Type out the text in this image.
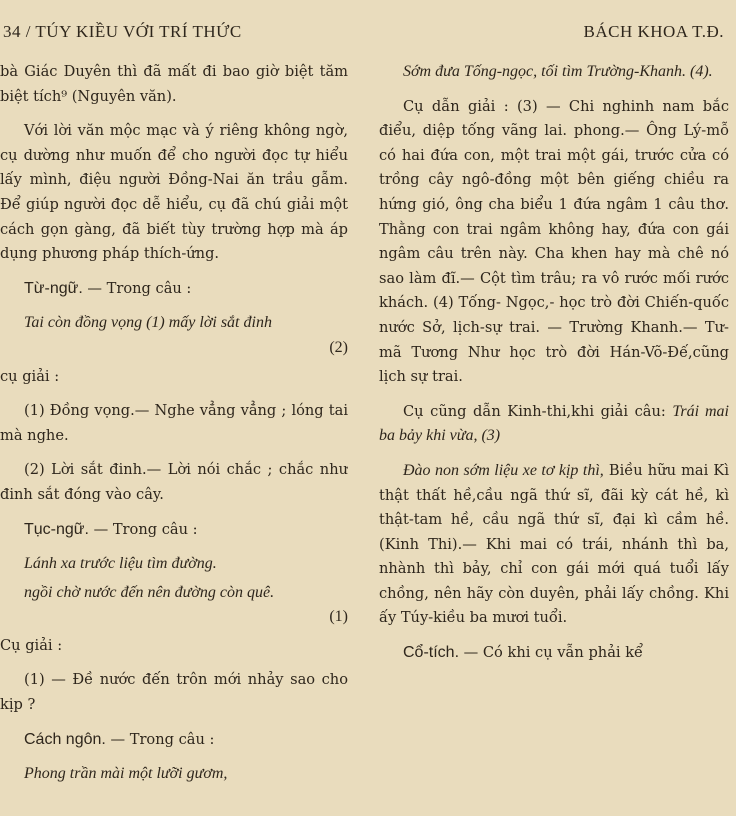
34 / TÚY KIỀU VỚI TRÍ THỨC	BÁCH KHOA T.Đ.

bà Giác Duyên thì đã mất đi bao giờ biệt tăm biệt tích⁹ (Nguyên văn).

Với lời văn mộc mạc và ý riêng không ngờ, cụ dường như muốn để cho người đọc tự hiểu lấy mình, điệu người Đồng-Nai ăn trầu gẫm. Để giúp người đọc dễ hiểu, cụ đã chú giải một cách gọn gàng, đã biết tùy trường hợp mà áp dụng phương pháp thích-ứng.

Từ-ngữ. — Trong câu :

Tai còn đồng vọng (1) mấy lời sắt đinh

(2)

cụ giải :

(1) Đồng vọng.— Nghe vẳng vẳng ; lóng tai mà nghe.

(2) Lời sắt đinh.— Lời nói chắc ; chắc như đinh sắt đóng vào cây.

Tục-ngữ. — Trong câu :

Lánh xa trước liệu tìm đường.

ngồi chờ nước đến nên đường còn quê.

(1)

Cụ giải :

(1) — Đề nước đến trôn mới nhảy sao cho kịp ?

Cách ngôn. — Trong câu :

Phong trần mài một lưỡi gươm,

Sớm đưa Tống-ngọc, tối tìm Trường-Khanh. (4).

Cụ dẫn giải : (3) — Chi nghinh nam bắc điểu, diệp tống vãng lai. phong.— Ông Lý-mỗ có hai đứa con, một trai một gái, trước cửa có trồng cây ngô-đồng một bên giếng chiều ra hứng gió, ông cha biểu 1 đứa ngâm 1 câu thơ. Thằng con trai ngâm không hay, đứa con gái ngâm câu trên này. Cha khen hay mà chê nó sao làm đĩ.— Cột tìm trâu; ra vô rước mối rước khách. (4) Tống- Ngọc,- học trò đời Chiến-quốc nước Sở, lịch-sự trai. — Trường Khanh.— Tư-mã Tương Như học trò đời Hán-Võ-Đế,cũng lịch sự trai.

Cụ cũng dẫn Kinh-thi,khi giải câu: Trái mai ba bảy khi vừa, (3)

Đào non sớm liệu xe tơ kịp thì, Biều hữu mai Kì thật thất hề,cầu ngã thứ sĩ, đãi kỳ cát hề, kì thật-tam hề, cầu ngã thứ sĩ, đại kì cầm hề. (Kinh Thi).— Khi mai có trái, nhánh thì ba, nhành thì bảy, chỉ con gái mới quá tuổi lấy chồng, nên hãy còn duyên, phải lấy chồng. Khi ấy Túy-kiều ba mươi tuổi.

Cổ-tích. — Có khi cụ vẫn phải kể
